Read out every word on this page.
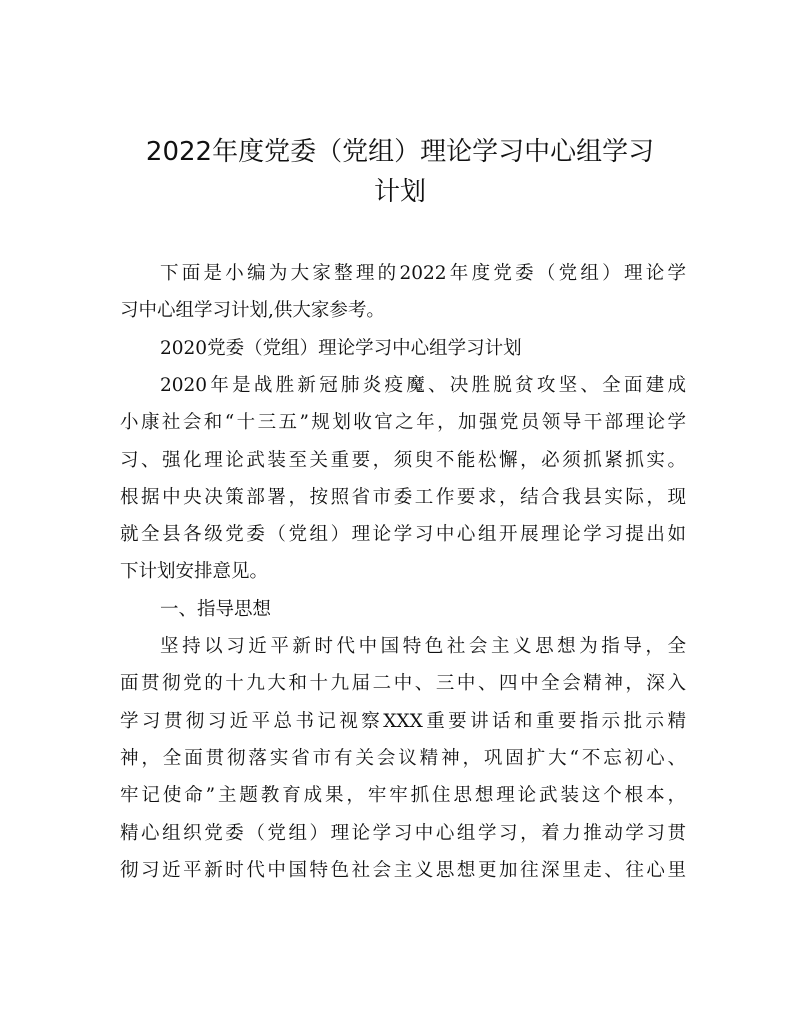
2022年度党委（党组）理论学习中心组学习
计划
下面是小编为大家整理的2022年度党委（党组）理论学
习中心组学习计划,供大家参考。
2020党委（党组）理论学习中心组学习计划
2020年是战胜新冠肺炎疫魔、决胜脱贫攻坚、全面建成
小康社会和“十三五”规划收官之年，加强党员领导干部理论学
习、强化理论武装至关重要，须臾不能松懈，必须抓紧抓实。
根据中央决策部署，按照省市委工作要求，结合我县实际，现
就全县各级党委（党组）理论学习中心组开展理论学习提出如
下计划安排意见。
一、指导思想
坚持以习近平新时代中国特色社会主义思想为指导，全
面贯彻党的十九大和十九届二中、三中、四中全会精神，深入
学习贯彻习近平总书记视察XXX重要讲话和重要指示批示精
神，全面贯彻落实省市有关会议精神，巩固扩大“不忘初心、
牢记使命”主题教育成果，牢牢抓住思想理论武装这个根本，
精心组织党委（党组）理论学习中心组学习，着力推动学习贯
彻习近平新时代中国特色社会主义思想更加往深里走、往心里
